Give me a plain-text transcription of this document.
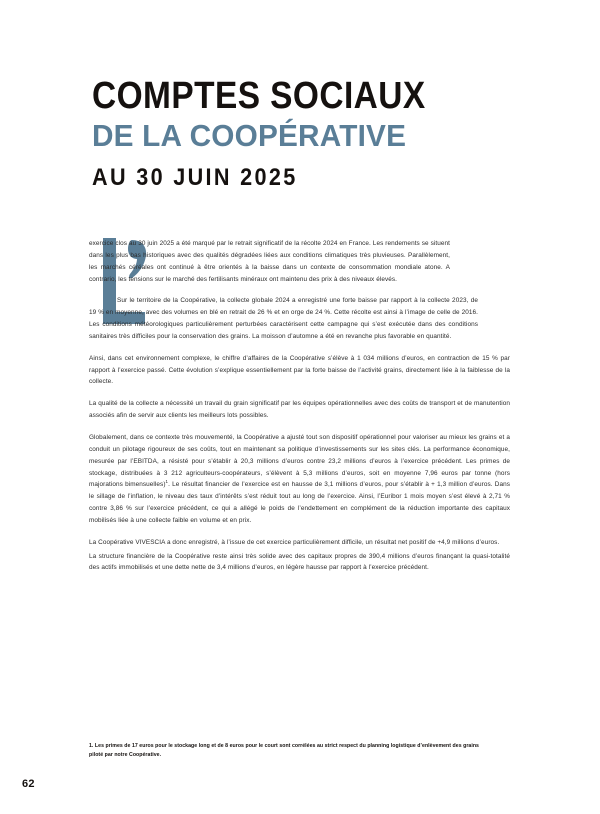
COMPTES SOCIAUX
DE LA COOPÉRATIVE
AU 30 JUIN 2025

exercice clos au 30 juin 2025 a été marqué par le retrait significatif de la récolte 2024 en France. Les rendements se situent dans les plus bas historiques avec des qualités dégradées liées aux conditions climatiques très pluvieuses. Parallèlement, les marchés céréales ont continué à être orientés à la baisse dans un contexte de consommation mondiale atone. A contrario, les tensions sur le marché des fertilisants minéraux ont maintenu des prix à des niveaux élevés.

Sur le territoire de la Coopérative, la collecte globale 2024 a enregistré une forte baisse par rapport à la collecte 2023, de 19 % en moyenne, avec des volumes en blé en retrait de 26 % et en orge de 24 %. Cette récolte est ainsi à l’image de celle de 2016. Les conditions météorologiques particulièrement perturbées caractérisent cette campagne qui s’est exécutée dans des conditions sanitaires très difficiles pour la conservation des grains. La moisson d’automne a été en revanche plus favorable en quantité.

Ainsi, dans cet environnement complexe, le chiffre d’affaires de la Coopérative s’élève à 1 034 millions d’euros, en contraction de 15 % par rapport à l’exercice passé. Cette évolution s’explique essentiellement par la forte baisse de l’activité grains, directement liée à la faiblesse de la collecte.

La qualité de la collecte a nécessité un travail du grain significatif par les équipes opérationnelles avec des coûts de transport et de manutention associés afin de servir aux clients les meilleurs lots possibles.

Globalement, dans ce contexte très mouvementé, la Coopérative a ajusté tout son dispositif opérationnel pour valoriser au mieux les grains et a conduit un pilotage rigoureux de ses coûts, tout en maintenant sa politique d’investissements sur les sites clés. La performance économique, mesurée par l’EBITDA, a résisté pour s’établir à 20,3 millions d’euros contre 23,2 millions d’euros à l’exercice précédent. Les primes de stockage, distribuées à 3 212 agriculteurs-coopérateurs, s’élèvent à 5,3 millions d’euros, soit en moyenne 7,96 euros par tonne (hors majorations bimensuelles)$^1$. Le résultat financier de l’exercice est en hausse de 3,1 millions d’euros, pour s’établir à + 1,3 million d’euros. Dans le sillage de l’inflation, le niveau des taux d’intérêts s’est réduit tout au long de l’exercice. Ainsi, l’Euribor 1 mois moyen s’est élevé à 2,71 % contre 3,86 % sur l’exercice précédent, ce qui a allégé le poids de l’endettement en complément de la réduction importante des capitaux mobilisés liée à une collecte faible en volume et en prix.

La Coopérative VIVESCIA a donc enregistré, à l’issue de cet exercice particulièrement difficile, un résultat net positif de +4,9 millions d’euros.

La structure financière de la Coopérative reste ainsi très solide avec des capitaux propres de 390,4 millions d’euros finançant la quasi-totalité des actifs immobilisés et une dette nette de 3,4 millions d’euros, en légère hausse par rapport à l’exercice précédent.

1. Les primes de 17 euros pour le stockage long et de 8 euros pour le court sont corrélées au strict respect du planning logistique d’enlèvement des grains piloté par notre Coopérative.
62
